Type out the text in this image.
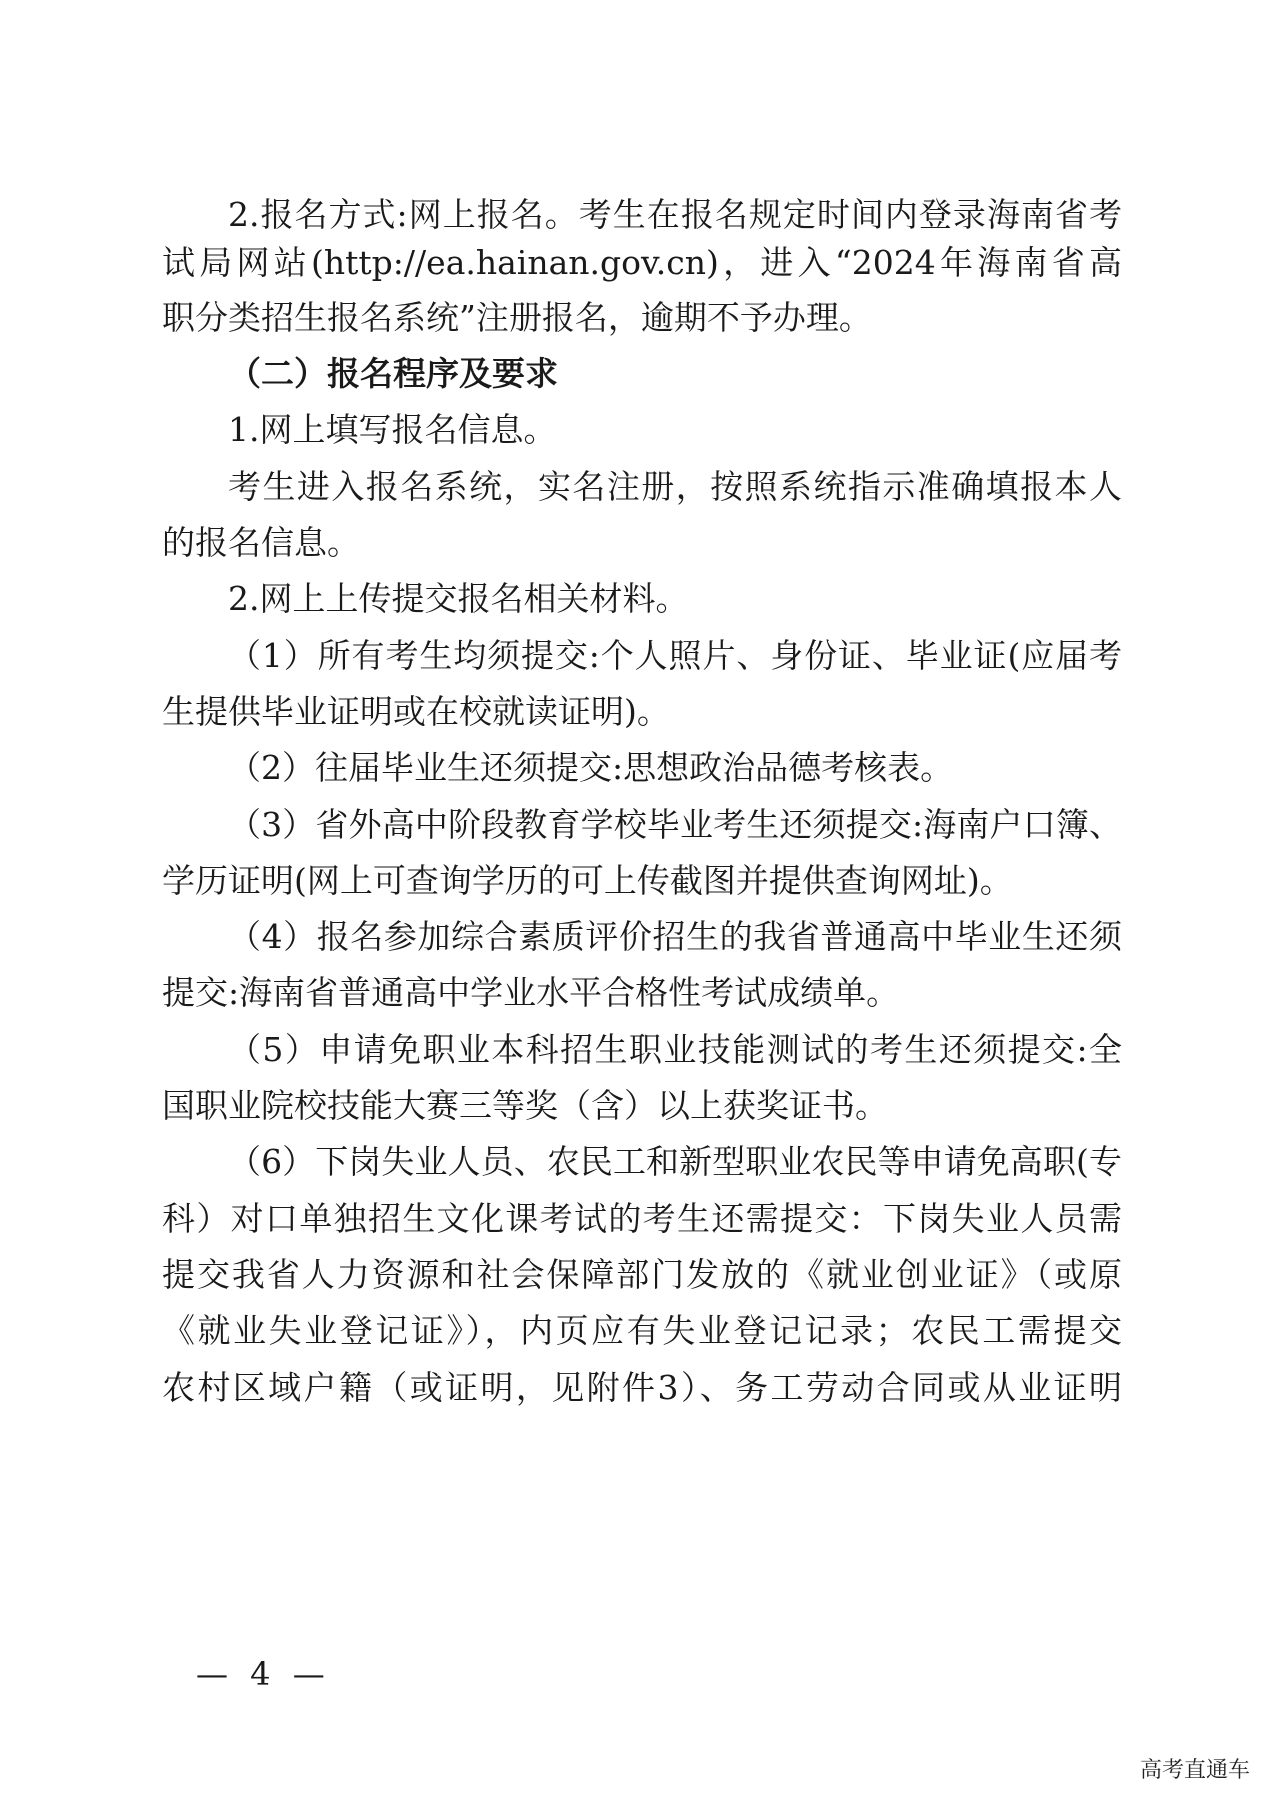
2.报名方式:网上报名。考生在报名规定时间内登录海南省考
试局网站(http://ea.hainan.gov.cn)，进入“2024年海南省高
职分类招生报名系统”注册报名，逾期不予办理。
（二）报名程序及要求
1.网上填写报名信息。
考生进入报名系统，实名注册，按照系统指示准确填报本人
的报名信息。
2.网上上传提交报名相关材料。
（1）所有考生均须提交:个人照片、身份证、毕业证(应届考
生提供毕业证明或在校就读证明)。
（2）往届毕业生还须提交:思想政治品德考核表。
（3）省外高中阶段教育学校毕业考生还须提交:海南户口簿、
学历证明(网上可查询学历的可上传截图并提供查询网址)。
（4）报名参加综合素质评价招生的我省普通高中毕业生还须
提交:海南省普通高中学业水平合格性考试成绩单。
（5）申请免职业本科招生职业技能测试的考生还须提交:全
国职业院校技能大赛三等奖（含）以上获奖证书。
（6）下岗失业人员、农民工和新型职业农民等申请免高职(专
科）对口单独招生文化课考试的考生还需提交：下岗失业人员需
提交我省人力资源和社会保障部门发放的《就业创业证》（或原
《就业失业登记证》），内页应有失业登记记录；农民工需提交
农村区域户籍（或证明，见附件3）、务工劳动合同或从业证明
— 4 —
高考直通车
